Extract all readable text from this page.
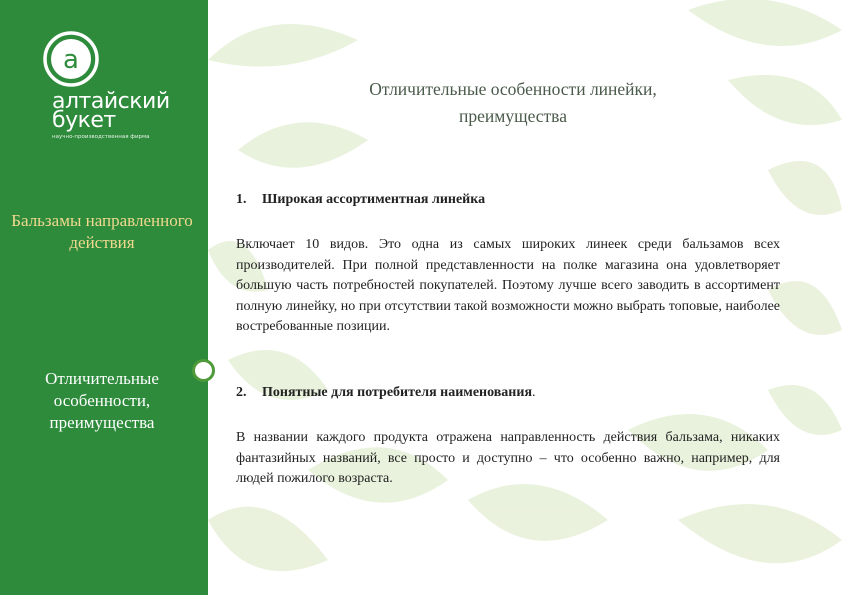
a
алтайский
букет
научно-производственная фирма
Бальзамы направленного действия
Отличительные особенности, преимущества
Отличительные особенности линейки,
преимущества
1. Широкая ассортиментная линейка
Включает 10 видов. Это одна из самых широких линеек среди бальзамов всех производителей. При полной представленности на полке магазина она удовлетворяет большую часть потребностей покупателей. Поэтому лучше всего заводить в ассортимент полную линейку, но при отсутствии такой возможности можно выбрать топовые, наиболее востребованные позиции.
2. Понятные для потребителя наименования.
В названии каждого продукта отражена направленность действия бальзама, никаких фантазийных названий, все просто и доступно – что особенно важно, например, для людей пожилого возраста.
